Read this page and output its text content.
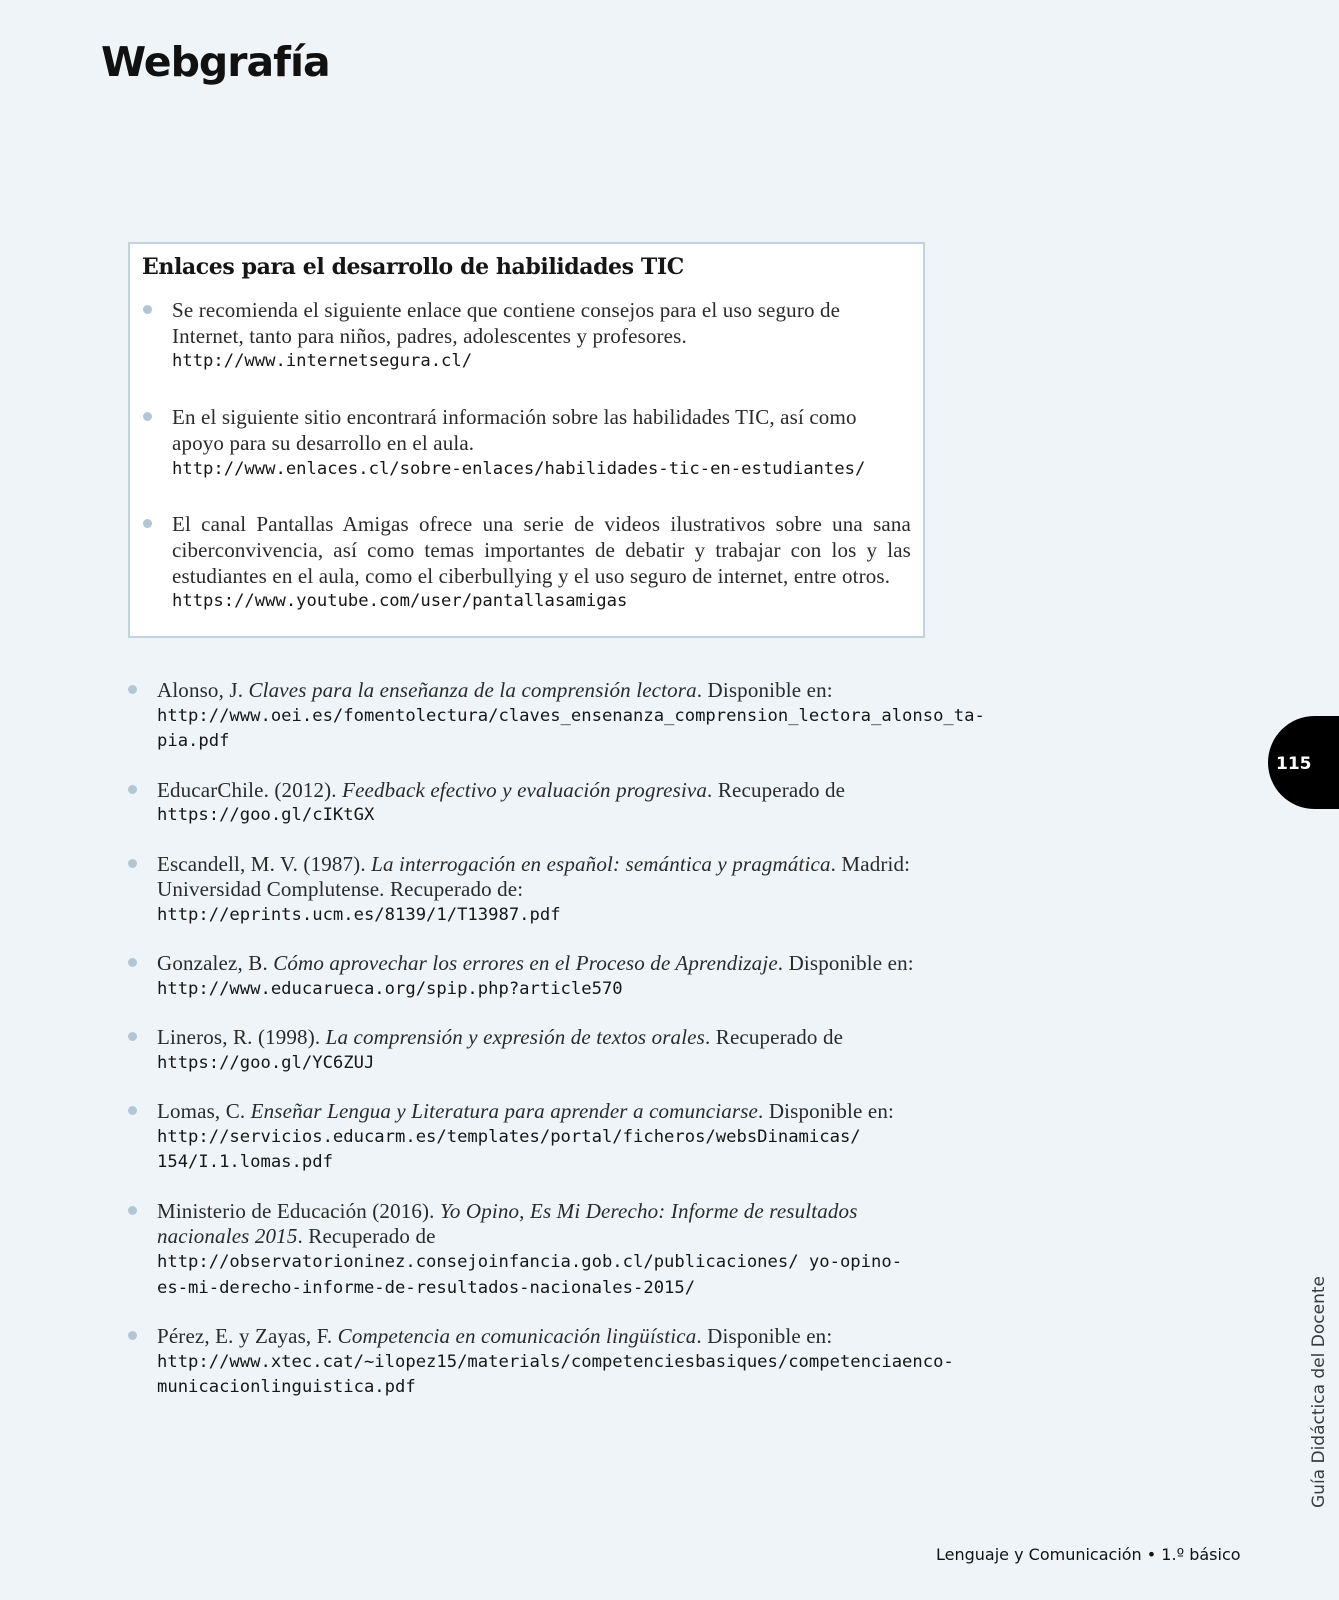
Webgrafía
Enlaces para el desarrollo de habilidades TIC
Se recomienda el siguiente enlace que contiene consejos para el uso seguro de Internet, tanto para niños, padres, adolescentes y profesores.
http://www.internetsegura.cl/
En el siguiente sitio encontrará información sobre las habilidades TIC, así como apoyo para su desarrollo en el aula.
http://www.enlaces.cl/sobre-enlaces/habilidades-tic-en-estudiantes/
El canal Pantallas Amigas ofrece una serie de videos ilustrativos sobre una sana ciberconvivencia, así como temas importantes de debatir y trabajar con los y las estudiantes en el aula, como el ciberbullying y el uso seguro de internet, entre otros.
https://www.youtube.com/user/pantallasamigas
Alonso, J. Claves para la enseñanza de la comprensión lectora. Disponible en:
http://www.oei.es/fomentolectura/claves_ensenanza_comprension_lectora_alonso_ta-pia.pdf
EducarChile. (2012). Feedback efectivo y evaluación progresiva. Recuperado de
https://goo.gl/cIKtGX
Escandell, M. V. (1987). La interrogación en español: semántica y pragmática. Madrid: Universidad Complutense. Recuperado de:
http://eprints.ucm.es/8139/1/T13987.pdf
Gonzalez, B. Cómo aprovechar los errores en el Proceso de Aprendizaje. Disponible en:
http://www.educarueca.org/spip.php?article570
Lineros, R. (1998). La comprensión y expresión de textos orales. Recuperado de
https://goo.gl/YC6ZUJ
Lomas, C. Enseñar Lengua y Literatura para aprender a comunciarse. Disponible en:
http://servicios.educarm.es/templates/portal/ficheros/websDinamicas/ 154/I.1.lomas.pdf
Ministerio de Educación (2016). Yo Opino, Es Mi Derecho: Informe de resultados nacionales 2015. Recuperado de
http://observatorioninez.consejoinfancia.gob.cl/publicaciones/ yo-opino-es-mi-derecho-informe-de-resultados-nacionales-2015/
Pérez, E. y Zayas, F. Competencia en comunicación lingüística. Disponible en:
http://www.xtec.cat/~ilopez15/materials/competenciesbasiques/competenciaenco-municacionlinguistica.pdf
115
Guía Didáctica del Docente
Lenguaje y Comunicación • 1.º básico
